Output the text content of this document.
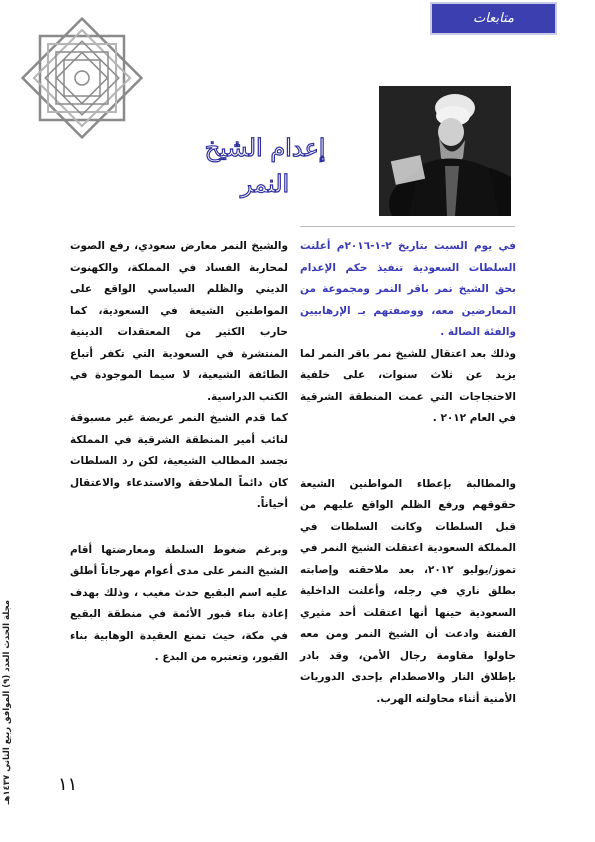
متابعات
إعدام الشيخ النمر

في يوم السبت بتاريخ ٢-١-٢٠١٦م أعلنت السلطات السعودية تنفيذ حكم الإعدام بحق الشيخ نمر باقر النمر ومجموعة من المعارضين معه، ووصفتهم بـ الإرهابيين والفئة الضالة .

وذلك بعد اعتقال للشيخ نمر باقر النمر لما يزيد عن ثلاث سنوات، على خلفية الاحتجاجات التي عمت المنطقة الشرقية في العام ٢٠١٢ .

والمطالبة بإعطاء المواطنين الشيعة حقوقهم ورفع الظلم الواقع عليهم من قبل السلطات وكانت السلطات في المملكة السعودية اعتقلت الشيخ النمر في تموز/يوليو ٢٠١٢، بعد ملاحقته وإصابته بطلق ناري في رجله، وأعلنت الداخلية السعودية حينها أنها اعتقلت أحد مثيري الفتنة وادعت أن الشيخ النمر ومن معه حاولوا مقاومة رجال الأمن، وقد بادر بإطلاق النار والاصطدام بإحدى الدوريات الأمنية أثناء محاولته الهرب.

والشيخ النمر معارض سعودي، رفع الصوت لمحاربة الفساد في المملكة، والكهنوت الديني والظلم السياسي الواقع على المواطنين الشيعة في السعودية، كما حارب الكثير من المعتقدات الدينية المنتشرة في السعودية التي تكفر أتباع الطائفة الشيعية، لا سيما الموجودة في الكتب الدراسية.

كما قدم الشيخ النمر عريضة غير مسبوقة لنائب أمير المنطقة الشرقية في المملكة تجسد المطالب الشيعية، لكن رد السلطات كان دائماً الملاحقة والاستدعاء والاعتقال أحياناً.

وبرغم ضغوط السلطة ومعارضتها أقام الشيخ النمر على مدى أعوام مهرجاناً أطلق عليه اسم البقيع حدث مغيب ، وذلك بهدف إعادة بناء قبور الأئمة في منطقة البقيع في مكة، حيث تمنع العقيدة الوهابية بناء القبور، وتعتبره من البدع .

مجلة الحدث العدد (٩) الموافق ربيع الثاني ١٤٣٧هـ
١١
